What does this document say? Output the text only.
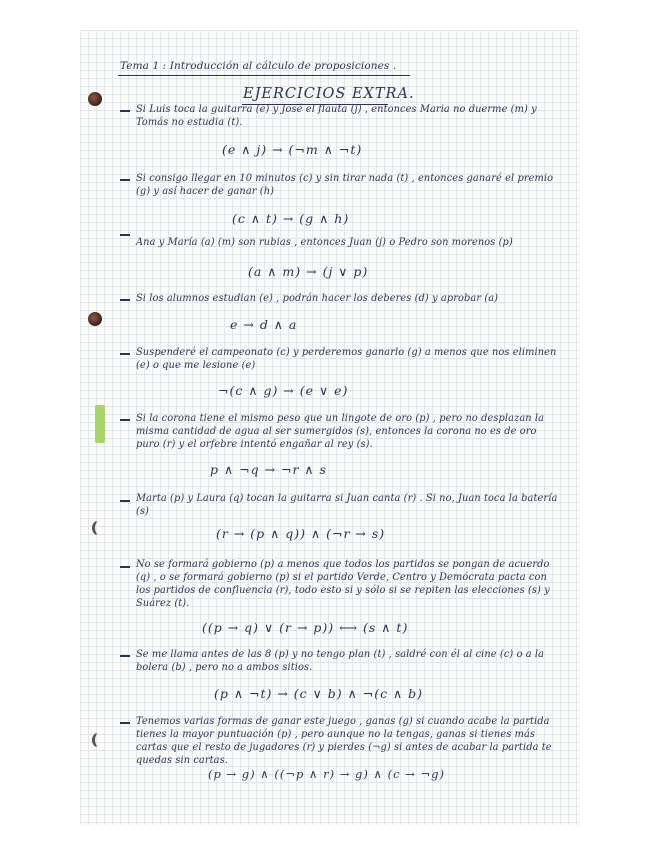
Tema 1 : Introducción al cálculo de proposiciones .
EJERCICIOS EXTRA.
Si Luis toca la guitarra (e) y José el flauta (j) , entonces Maria no duerme (m) y Tomás no estudia (t).
(e ∧ j) → (¬m ∧ ¬t)
Si consigo llegar en 10 minutos (c) y sin tirar nada (t) , entonces ganaré el premio (g) y así hacer de ganar (h)
(c ∧ t) → (g ∧ h)
Ana y María (a) (m) son rubias , entonces Juan (j) o Pedro son morenos (p)
(a ∧ m) → (j ∨ p)
Si los alumnos estudian (e) , podrán hacer los deberes (d) y aprobar (a)
e → d ∧ a
Suspenderé el campeonato (c) y perderemos ganarlo (g) a menos que nos eliminen (e) o que me lesione (e)
¬(c ∧ g) → (e ∨ e)
Si la corona tiene el mismo peso que un lingote de oro (p) , pero no desplazan la misma cantidad de agua al ser sumergidos (s), entonces la corona no es de oro puro (r) y el orfebre intentó engañar al rey (s).
p ∧ ¬q → ¬r ∧ s
Marta (p) y Laura (q) tocan la guitarra si Juan canta (r) . Si no, Juan toca la batería (s)
(r → (p ∧ q)) ∧ (¬r → s)
No se formará gobierno (p) a menos que todos los partidos se pongan de acuerdo (q) , o se formará gobierno (p) si el partido Verde, Centro y Demócrata pacta con los partidos de confluencia (r), todo esto si y sólo si se repiten las elecciones (s) y Suárez (t).
((p → q) ∨ (r → p)) ⟷ (s ∧ t)
Se me llama antes de las 8 (p) y no tengo plan (t) , saldré con él al cine (c) o a la bolera (b) , pero no a ambos sitios.
(p ∧ ¬t) → (c ∨ b) ∧ ¬(c ∧ b)
Tenemos varias formas de ganar este juego , ganas (g) si cuando acabe la partida tienes la mayor puntuación (p) , pero aunque no la tengas, ganas si tienes más cartas que el resto de jugadores (r) y pierdes (¬g) si antes de acabar la partida te quedas sin cartas.
(p → g) ∧ ((¬p ∧ r) → g) ∧ (c → ¬g)
